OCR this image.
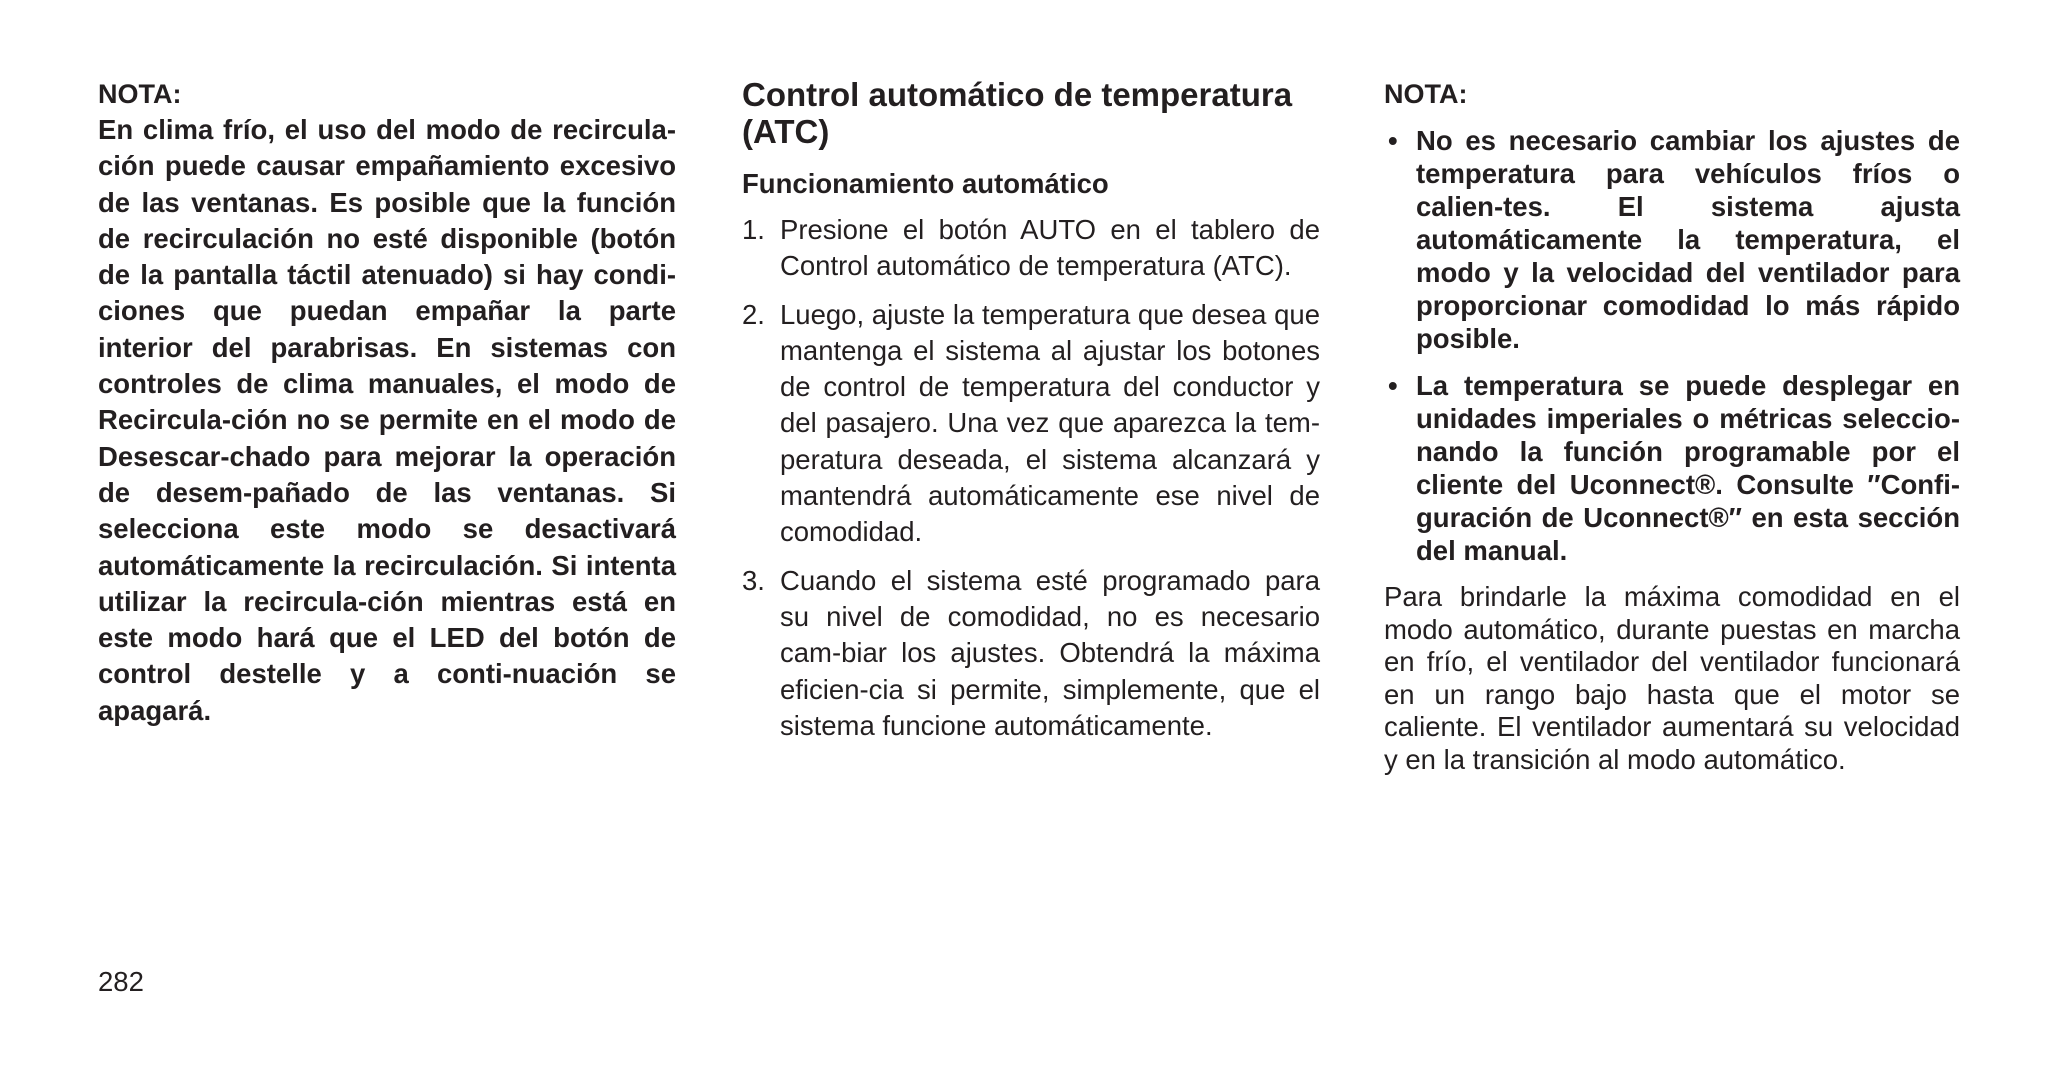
NOTA:

En clima frío, el uso del modo de recircula-ción puede causar empañamiento excesivo de las ventanas. Es posible que la función de recirculación no esté disponible (botón de la pantalla táctil atenuado) si hay condi-ciones que puedan empañar la parte interior del parabrisas. En sistemas con controles de clima manuales, el modo de Recircula-ción no se permite en el modo de Desescar-chado para mejorar la operación de desem-pañado de las ventanas. Si selecciona este modo se desactivará automáticamente la recirculación. Si intenta utilizar la recircula-ción mientras está en este modo hará que el LED del botón de control destelle y a conti-nuación se apagará.

Control automático de temperatura (ATC)
Funcionamiento automático
1. Presione el botón AUTO en el tablero de Control automático de temperatura (ATC).

2. Luego, ajuste la temperatura que desea que mantenga el sistema al ajustar los botones de control de temperatura del conductor y del pasajero. Una vez que aparezca la tem-peratura deseada, el sistema alcanzará y mantendrá automáticamente ese nivel de comodidad.

3. Cuando el sistema esté programado para su nivel de comodidad, no es necesario cam-biar los ajustes. Obtendrá la máxima eficien-cia si permite, simplemente, que el sistema funcione automáticamente.

NOTA:

• No es necesario cambiar los ajustes de temperatura para vehículos fríos o calien-tes. El sistema ajusta automáticamente la temperatura, el modo y la velocidad del ventilador para proporcionar comodidad lo más rápido posible.

• La temperatura se puede desplegar en unidades imperiales o métricas seleccio-nando la función programable por el cliente del Uconnect®. Consulte ″Confi-guración de Uconnect®″ en esta sección del manual.

Para brindarle la máxima comodidad en el modo automático, durante puestas en marcha en frío, el ventilador del ventilador funcionará en un rango bajo hasta que el motor se caliente. El ventilador aumentará su velocidad y en la transición al modo automático.

282
